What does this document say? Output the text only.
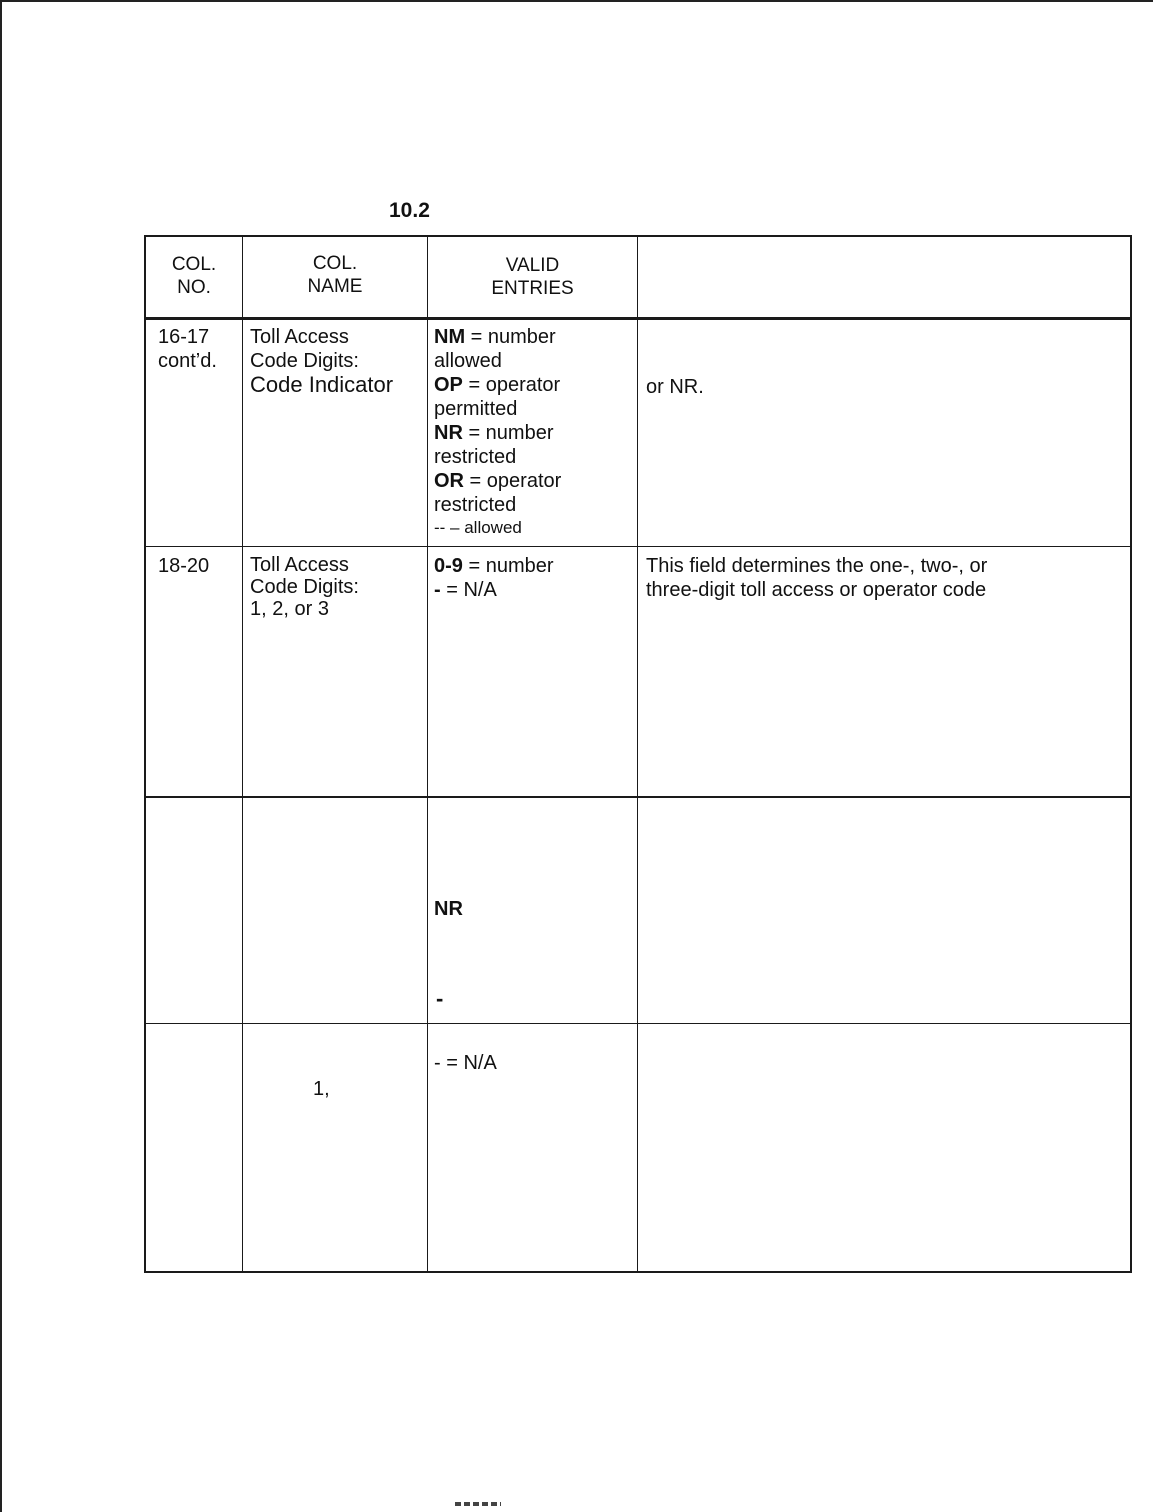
10.2
COL.
NO.
COL.
NAME
VALID
ENTRIES
16-17
cont’d.
Toll Access
Code Digits:
Code Indicator
NM = number
allowed
OP = operator
permitted
NR = number
restricted
OR = operator
restricted
-- – allowed
or NR.
18-20	Toll Access
Code Digits:
1, 2, or 3
0-9 = number
- = N/A
This field determines the one-, two-, or
three-digit toll access or operator code
NR
-
1,
- = N/A
